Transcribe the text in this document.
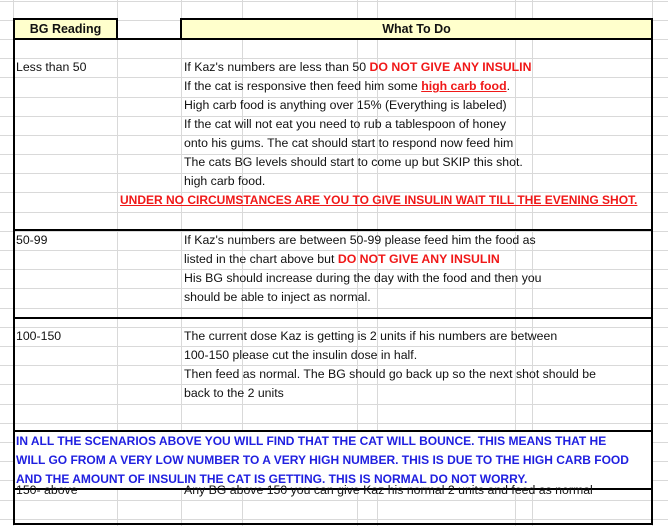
BG Reading	What To Do
Less than 50	If Kaz's numbers are less than 50 DO NOT GIVE ANY INSULIN
If the cat is responsive then feed him some high carb food.
High carb food is anything over 15% (Everything is labeled)
If the cat will not eat you need to rub a tablespoon of honey
onto his gums. The cat should start to respond now feed him
The cats BG levels should start to come up but SKIP this shot.
high carb food.
UNDER NO CIRCUMSTANCES ARE YOU TO GIVE INSULIN WAIT TILL THE EVENING SHOT.
50-99	If Kaz's numbers are between 50-99 please feed him the food as
listed in the chart above but DO NOT GIVE ANY INSULIN
His BG should increase during the day with the food and then you
should be able to inject as normal.
100-150	The current dose Kaz is getting is 2 units if his numbers are between
100-150 please cut the insulin dose in half.
Then feed as normal. The BG should go back up so the next shot should be
back to the 2 units
IN ALL THE SCENARIOS ABOVE YOU WILL FIND THAT THE CAT WILL BOUNCE. THIS MEANS THAT HE
WILL GO FROM A VERY LOW NUMBER TO A VERY HIGH NUMBER. THIS IS DUE TO THE HIGH CARB FOOD
AND THE AMOUNT OF INSULIN THE CAT IS GETTING. THIS IS NORMAL DO NOT WORRY.
150- above	Any BG above 150 you can give Kaz his normal 2 units and feed as normal
